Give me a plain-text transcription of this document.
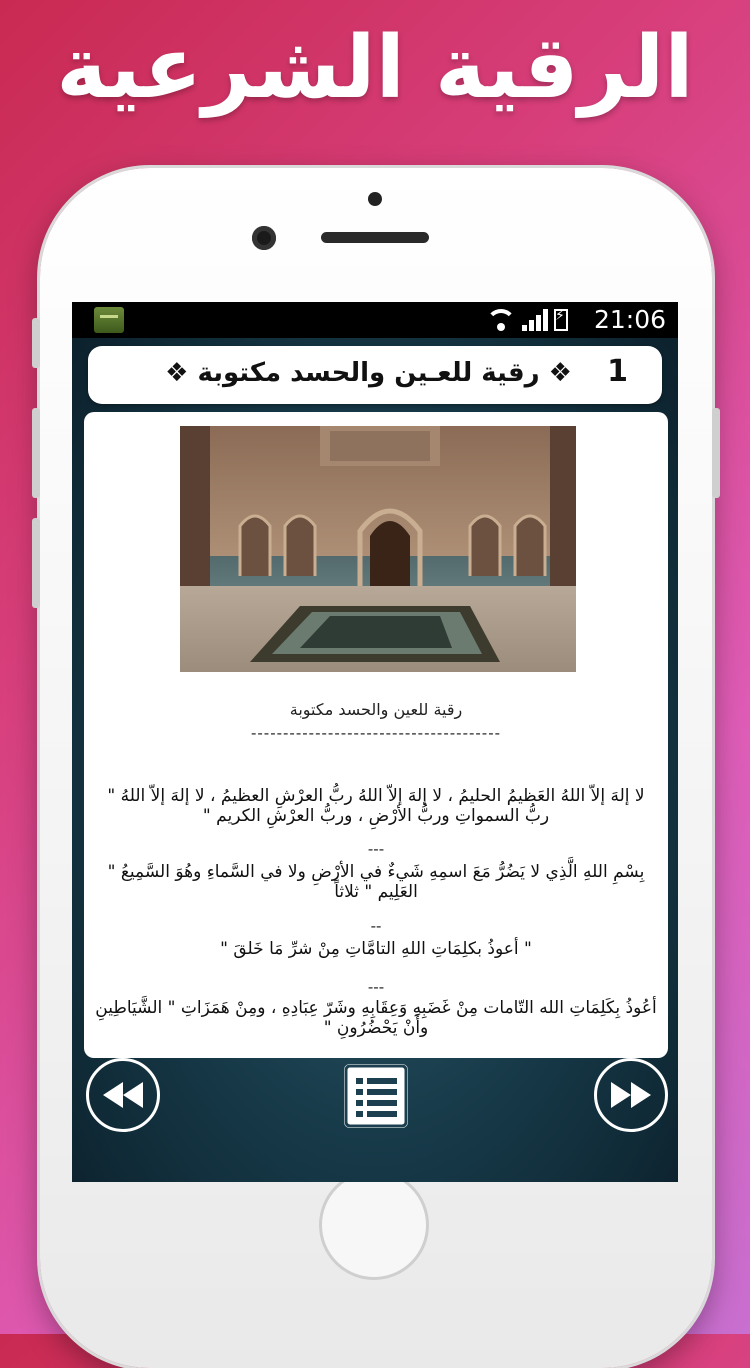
الرقية الشرعية
⚡
21:06
1
❖ رقية للعـين والحسد مكتوبة ❖
رقية للعين والحسد مكتوبة
---------------------------------------
لا إلهَ إلاّ اللهُ العَظيمُ الحليمُ ، لا إلهَ إلاّ اللهُ ربُّ العرْشِ العظيمُ ، لا إلهَ إلاّ اللهُ " ربُّ السمواتِ وربُّ الأرْضِ ، وربُّ العرْشِ الكريم "
---
بِسْمِ اللهِ الَّذِي لا يَضُرُّ مَعَ اسمِهِ شَيءٌ في الأرْضِ ولا في السَّماءِ وهُوَ السَّمِيعُ " العَلِيم " ثلاثاً
--
" أعوذُ بكلِمَاتِ اللهِ التامَّاتِ مِنْ شرِّ مَا خَلقَ "
---
أعُوذُ بِكَلِمَاتِ الله التّامات مِنْ غَضَبِهِ وَعِقَابِهِ وشَرّ عِبَادِهِ ، ومِنْ هَمَزَاتِ " الشَّيَاطِينِ وأَنْ يَحْضُرُونِ "
